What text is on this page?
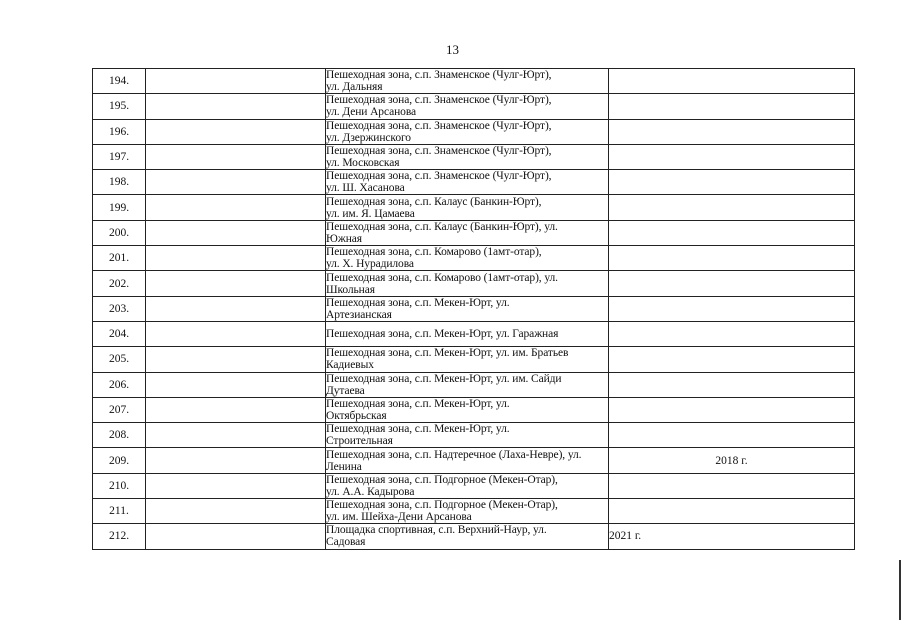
13
194.		Пешеходная зона, с.п. Знаменское (Чулг-Юрт),
ул. Дальняя	

195.		Пешеходная зона, с.п. Знаменское (Чулг-Юрт),
ул. Дени Арсанова	

196.		Пешеходная зона, с.п. Знаменское (Чулг-Юрт),
ул. Дзержинского	

197.		Пешеходная зона, с.п. Знаменское (Чулг-Юрт),
ул. Московская	

198.		Пешеходная зона, с.п. Знаменское (Чулг-Юрт),
ул. Ш. Хасанова	

199.		Пешеходная зона, с.п. Калаус (Банкин-Юрт),
ул. им. Я. Цамаева	

200.		Пешеходная зона, с.п. Калаус (Банкин-Юрт), ул.
Южная	

201.		Пешеходная зона, с.п. Комарово (1амт-отар),
ул. Х. Нурадилова	

202.		Пешеходная зона, с.п. Комарово (1амт-отар), ул.
Школьная	

203.		Пешеходная зона, с.п. Мекен-Юрт, ул.
Артезианская	

204.		Пешеходная зона, с.п. Мекен-Юрт, ул. Гаражная	

205.		Пешеходная зона, с.п. Мекен-Юрт, ул. им. Братьев
Кадиевых	

206.		Пешеходная зона, с.п. Мекен-Юрт, ул. им. Сайди
Дутаева	

207.		Пешеходная зона, с.п. Мекен-Юрт, ул.
Октябрьская	

208.		Пешеходная зона, с.п. Мекен-Юрт, ул.
Строительная	

209.		Пешеходная зона, с.п. Надтеречное (Лаха-Невре), ул.
Ленина	2018 г.
210.		Пешеходная зона, с.п. Подгорное (Мекен-Отар),
ул. А.А. Кадырова	

211.		Пешеходная зона, с.п. Подгорное (Мекен-Отар),
ул. им. Шейха-Дени Арсанова	

212.		Площадка спортивная, с.п. Верхний-Наур, ул.
Садовая	2021 г.
